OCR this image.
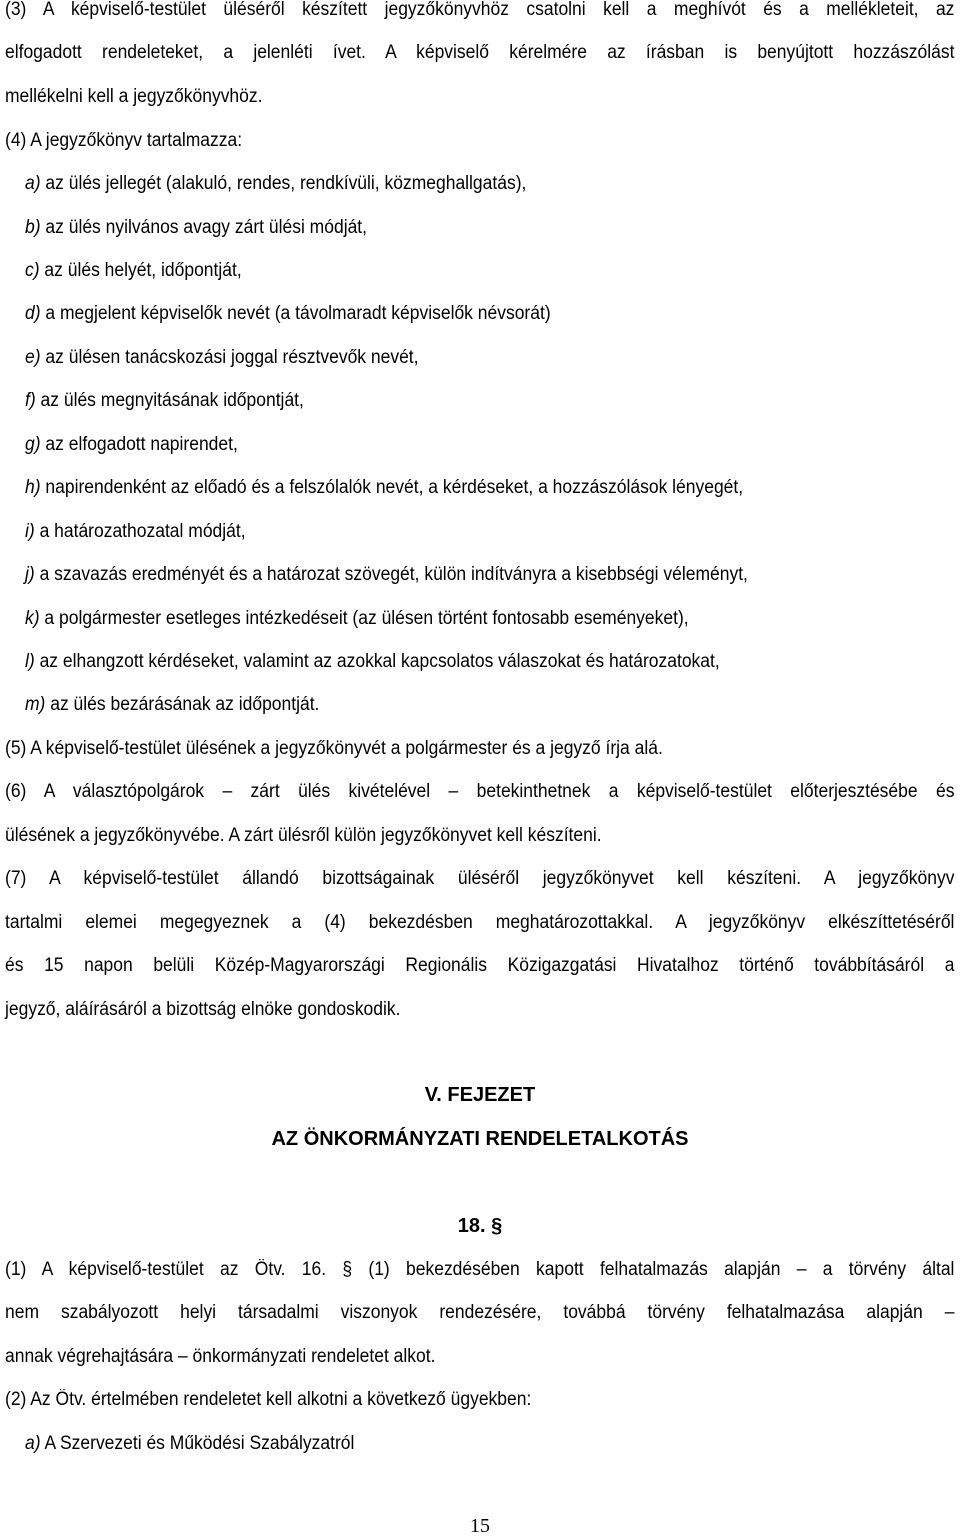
(3) A képviselő-testület üléséről készített jegyzőkönyvhöz csatolni kell a meghívót és a mellékleteit, az
elfogadott rendeleteket, a jelenléti ívet. A képviselő kérelmére az írásban is benyújtott hozzászólást
mellékelni kell a jegyzőkönyvhöz.
(4) A jegyzőkönyv tartalmazza:
a) az ülés jellegét (alakuló, rendes, rendkívüli, közmeghallgatás),
b) az ülés nyilvános avagy zárt ülési módját,
c) az ülés helyét, időpontját,
d) a megjelent képviselők nevét (a távolmaradt képviselők névsorát)
e) az ülésen tanácskozási joggal résztvevők nevét,
f) az ülés megnyitásának időpontját,
g) az elfogadott napirendet,
h) napirendenként az előadó és a felszólalók nevét, a kérdéseket, a hozzászólások lényegét,
i) a határozathozatal módját,
j) a szavazás eredményét és a határozat szövegét, külön indítványra a kisebbségi véleményt,
k) a polgármester esetleges intézkedéseit (az ülésen történt fontosabb eseményeket),
l) az elhangzott kérdéseket, valamint az azokkal kapcsolatos válaszokat és határozatokat,
m) az ülés bezárásának az időpontját.
(5) A képviselő-testület ülésének a jegyzőkönyvét a polgármester és a jegyző írja alá.
(6) A választópolgárok – zárt ülés kivételével – betekinthetnek a képviselő-testület előterjesztésébe és
ülésének a jegyzőkönyvébe. A zárt ülésről külön jegyzőkönyvet kell készíteni.
(7) A képviselő-testület állandó bizottságainak üléséről jegyzőkönyvet kell készíteni. A jegyzőkönyv
tartalmi elemei megegyeznek a (4) bekezdésben meghatározottakkal. A jegyzőkönyv elkészíttetéséről
és 15 napon belüli Közép-Magyarországi Regionális Közigazgatási Hivatalhoz történő továbbításáról a
jegyző, aláírásáról a bizottság elnöke gondoskodik.
V. FEJEZET
AZ ÖNKORMÁNYZATI RENDELETALKOTÁS
18. §
(1) A képviselő-testület az Ötv. 16. § (1) bekezdésében kapott felhatalmazás alapján – a törvény által
nem szabályozott helyi társadalmi viszonyok rendezésére, továbbá törvény felhatalmazása alapján –
annak végrehajtására – önkormányzati rendeletet alkot.
(2) Az Ötv. értelmében rendeletet kell alkotni a következő ügyekben:
a) A Szervezeti és Működési Szabályzatról
15
